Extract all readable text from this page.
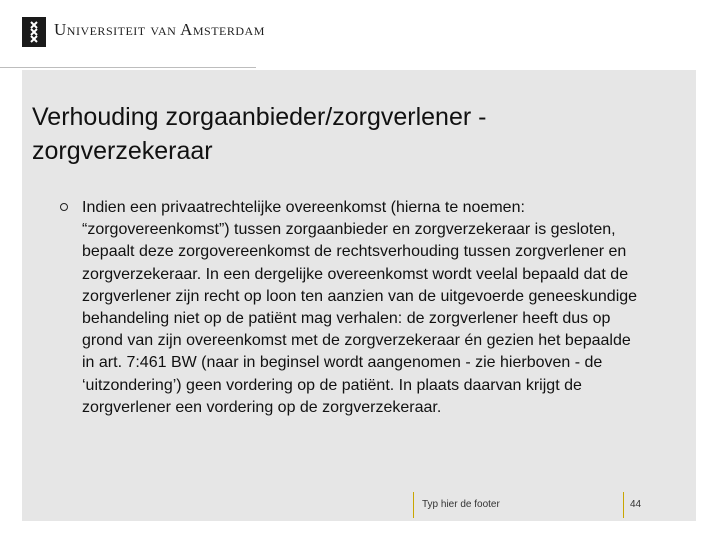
Universiteit van Amsterdam
Verhouding zorgaanbieder/zorgverlener - zorgverzekeraar
Indien een privaatrechtelijke overeenkomst (hierna te noemen: “zorgovereenkomst”) tussen zorgaanbieder en zorgverzekeraar is gesloten, bepaalt deze zorgovereenkomst de rechtsverhouding tussen zorgverlener en zorgverzekeraar. In een dergelijke overeenkomst wordt veelal bepaald dat de zorgverlener zijn recht op loon ten aanzien van de uitgevoerde geneeskundige behandeling niet op de patiënt mag verhalen: de zorgverlener heeft dus op grond van zijn overeenkomst met de zorgverzekeraar én gezien het bepaalde in art. 7:461 BW (naar in beginsel wordt aangenomen - zie hierboven - de ‘uitzondering’) geen vordering op de patiënt. In plaats daarvan krijgt de zorgverlener een vordering op de zorgverzekeraar.
Typ hier de footer	44
